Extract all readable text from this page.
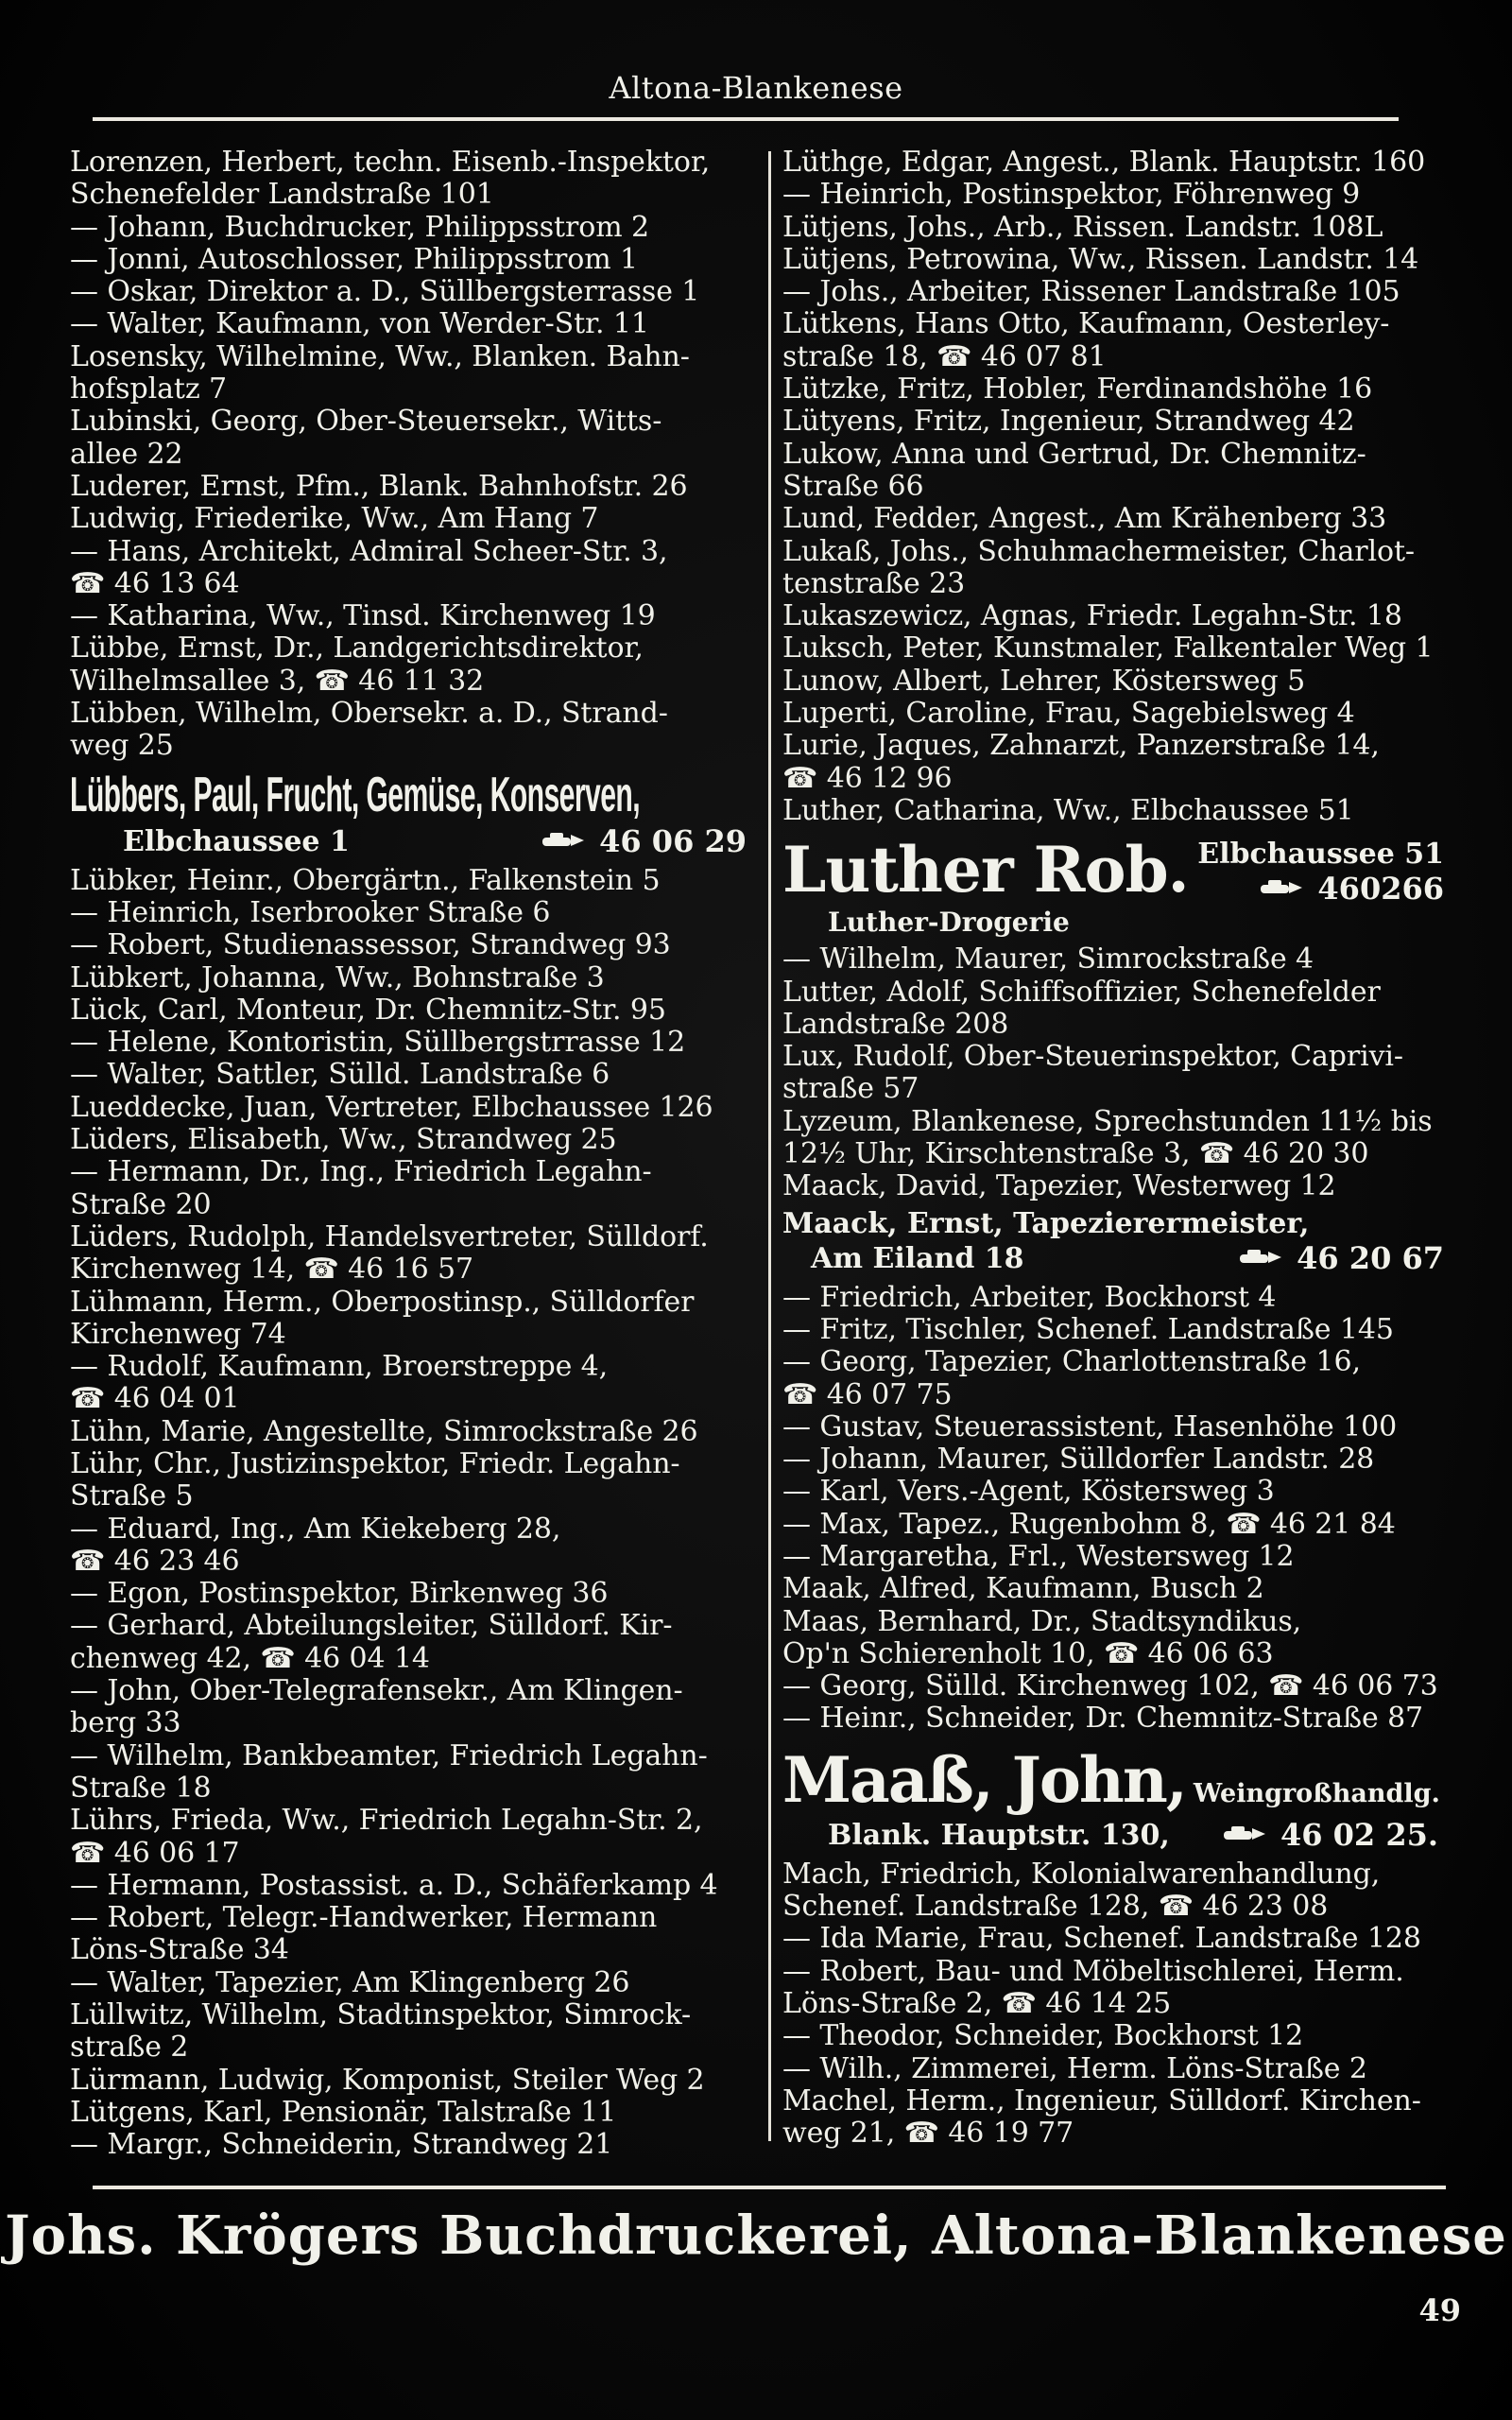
Altona-Blankenese
Lorenzen, Herbert, techn. Eisenb.-Inspektor,
Schenefelder Landstraße 101
— Johann, Buchdrucker, Philippsstrom 2
— Jonni, Autoschlosser, Philippsstrom 1
— Oskar, Direktor a. D., Süllbergsterrasse 1
— Walter, Kaufmann, von Werder-Str. 11
Losensky, Wilhelmine, Ww., Blanken. Bahn-
hofsplatz 7
Lubinski, Georg, Ober-Steuersekr., Witts-
allee 22
Luderer, Ernst, Pfm., Blank. Bahnhofstr. 26
Ludwig, Friederike, Ww., Am Hang 7
— Hans, Architekt, Admiral Scheer-Str. 3,
☎ 46 13 64
— Katharina, Ww., Tinsd. Kirchenweg 19
Lübbe, Ernst, Dr., Landgerichtsdirektor,
Wilhelmsallee 3, ☎ 46 11 32
Lübben, Wilhelm, Obersekr. a. D., Strand-
weg 25
Lübbers, Paul, Frucht, Gemüse, Konserven,
Elbchaussee 1	46 06 29
Lübker, Heinr., Obergärtn., Falkenstein 5
— Heinrich, Iserbrooker Straße 6
— Robert, Studienassessor, Strandweg 93
Lübkert, Johanna, Ww., Bohnstraße 3
Lück, Carl, Monteur, Dr. Chemnitz-Str. 95
— Helene, Kontoristin, Süllbergstrrasse 12
— Walter, Sattler, Sülld. Landstraße 6
Lueddecke, Juan, Vertreter, Elbchaussee 126
Lüders, Elisabeth, Ww., Strandweg 25
— Hermann, Dr., Ing., Friedrich Legahn-
Straße 20
Lüders, Rudolph, Handelsvertreter, Sülldorf.
Kirchenweg 14, ☎ 46 16 57
Lühmann, Herm., Oberpostinsp., Sülldorfer
Kirchenweg 74
— Rudolf, Kaufmann, Broerstreppe 4,
☎ 46 04 01
Lühn, Marie, Angestellte, Simrockstraße 26
Lühr, Chr., Justizinspektor, Friedr. Legahn-
Straße 5
— Eduard, Ing., Am Kiekeberg 28,
☎ 46 23 46
— Egon, Postinspektor, Birkenweg 36
— Gerhard, Abteilungsleiter, Sülldorf. Kir-
chenweg 42, ☎ 46 04 14
— John, Ober-Telegrafensekr., Am Klingen-
berg 33
— Wilhelm, Bankbeamter, Friedrich Legahn-
Straße 18
Lührs, Frieda, Ww., Friedrich Legahn-Str. 2,
☎ 46 06 17
— Hermann, Postassist. a. D., Schäferkamp 4
— Robert, Telegr.-Handwerker, Hermann
Löns-Straße 34
— Walter, Tapezier, Am Klingenberg 26
Lüllwitz, Wilhelm, Stadtinspektor, Simrock-
straße 2
Lürmann, Ludwig, Komponist, Steiler Weg 2
Lütgens, Karl, Pensionär, Talstraße 11
— Margr., Schneiderin, Strandweg 21
Lüthge, Edgar, Angest., Blank. Hauptstr. 160
— Heinrich, Postinspektor, Föhrenweg 9
Lütjens, Johs., Arb., Rissen. Landstr. 108L
Lütjens, Petrowina, Ww., Rissen. Landstr. 14
— Johs., Arbeiter, Rissener Landstraße 105
Lütkens, Hans Otto, Kaufmann, Oesterley-
straße 18, ☎ 46 07 81
Lützke, Fritz, Hobler, Ferdinandshöhe 16
Lütyens, Fritz, Ingenieur, Strandweg 42
Lukow, Anna und Gertrud, Dr. Chemnitz-
Straße 66
Lund, Fedder, Angest., Am Krähenberg 33
Lukaß, Johs., Schuhmachermeister, Charlot-
tenstraße 23
Lukaszewicz, Agnas, Friedr. Legahn-Str. 18
Luksch, Peter, Kunstmaler, Falkentaler Weg 1
Lunow, Albert, Lehrer, Köstersweg 5
Luperti, Caroline, Frau, Sagebielsweg 4
Lurie, Jaques, Zahnarzt, Panzerstraße 14,
☎ 46 12 96
Luther, Catharina, Ww., Elbchaussee 51
Luther Rob. Elbchaussee 51
460266
Luther-Drogerie
— Wilhelm, Maurer, Simrockstraße 4
Lutter, Adolf, Schiffsoffizier, Schenefelder
Landstraße 208
Lux, Rudolf, Ober-Steuerinspektor, Caprivi-
straße 57
Lyzeum, Blankenese, Sprechstunden 11½ bis
12½ Uhr, Kirschtenstraße 3, ☎ 46 20 30
Maack, David, Tapezier, Westerweg 12
Maack, Ernst, Tapezierermeister,
Am Eiland 18	46 20 67
— Friedrich, Arbeiter, Bockhorst 4
— Fritz, Tischler, Schenef. Landstraße 145
— Georg, Tapezier, Charlottenstraße 16,
☎ 46 07 75
— Gustav, Steuerassistent, Hasenhöhe 100
— Johann, Maurer, Sülldorfer Landstr. 28
— Karl, Vers.-Agent, Köstersweg 3
— Max, Tapez., Rugenbohm 8, ☎ 46 21 84
— Margaretha, Frl., Westersweg 12
Maak, Alfred, Kaufmann, Busch 2
Maas, Bernhard, Dr., Stadtsyndikus,
Op'n Schierenholt 10, ☎ 46 06 63
— Georg, Sülld. Kirchenweg 102, ☎ 46 06 73
— Heinr., Schneider, Dr. Chemnitz-Straße 87
Maaß, John, Weingroßhandlg.
Blank. Hauptstr. 130,	46 02 25.
Mach, Friedrich, Kolonialwarenhandlung,
Schenef. Landstraße 128, ☎ 46 23 08
— Ida Marie, Frau, Schenef. Landstraße 128
— Robert, Bau- und Möbeltischlerei, Herm.
Löns-Straße 2, ☎ 46 14 25
— Theodor, Schneider, Bockhorst 12
— Wilh., Zimmerei, Herm. Löns-Straße 2
Machel, Herm., Ingenieur, Sülldorf. Kirchen-
weg 21, ☎ 46 19 77
Johs. Krögers Buchdruckerei, Altona-Blankenese
49
